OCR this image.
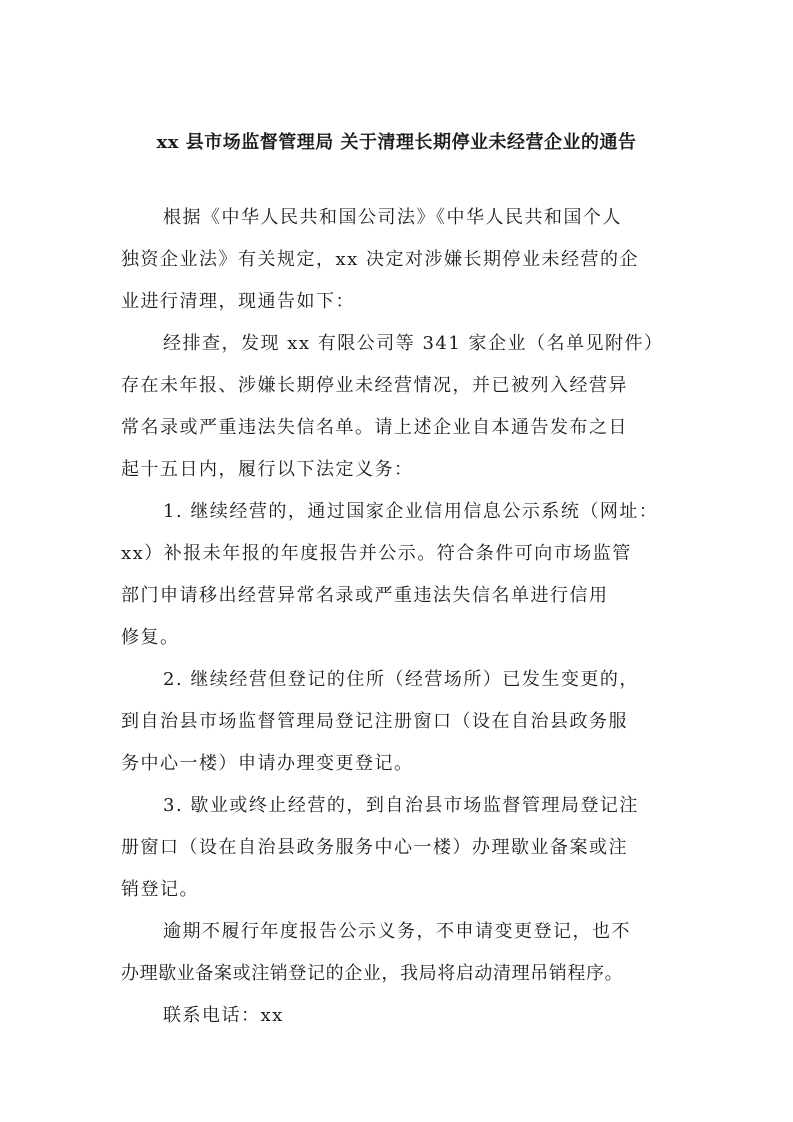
xx 县市场监督管理局 关于清理长期停业未经营企业的通告
根据《中华人民共和国公司法》《中华人民共和国个人
独资企业法》有关规定，xx 决定对涉嫌长期停业未经营的企
业进行清理，现通告如下：
经排查，发现 xx 有限公司等 341 家企业（名单见附件）
存在未年报、涉嫌长期停业未经营情况，并已被列入经营异
常名录或严重违法失信名单。请上述企业自本通告发布之日
起十五日内，履行以下法定义务：
1. 继续经营的，通过国家企业信用信息公示系统（网址：
xx）补报未年报的年度报告并公示。符合条件可向市场监管
部门申请移出经营异常名录或严重违法失信名单进行信用
修复。
2. 继续经营但登记的住所（经营场所）已发生变更的，
到自治县市场监督管理局登记注册窗口（设在自治县政务服
务中心一楼）申请办理变更登记。
3. 歇业或终止经营的，到自治县市场监督管理局登记注
册窗口（设在自治县政务服务中心一楼）办理歇业备案或注
销登记。
逾期不履行年度报告公示义务，不申请变更登记，也不
办理歇业备案或注销登记的企业，我局将启动清理吊销程序。
联系电话：xx
